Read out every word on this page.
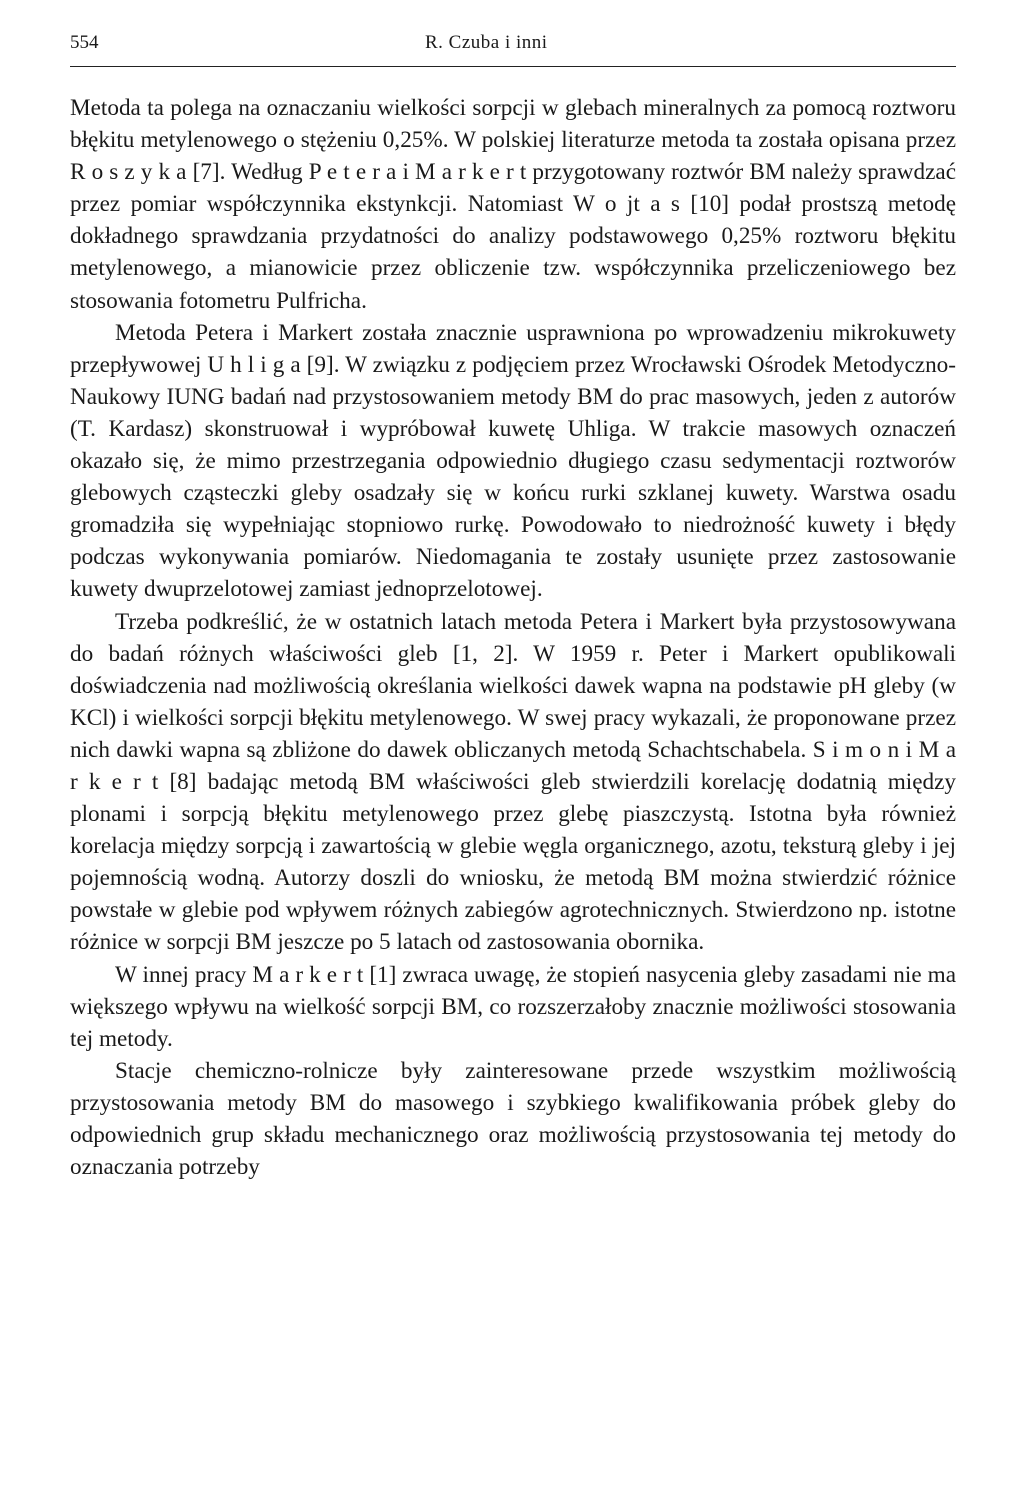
554	R. Czuba i inni

Metoda ta polega na oznaczaniu wielkości sorpcji w glebach mineralnych za pomocą roztworu błękitu metylenowego o stężeniu 0,25%. W polskiej literaturze metoda ta została opisana przez R o s z y k a [7]. Według P e t e r a i M a r k e r t przygotowany roztwór BM należy sprawdzać przez pomiar współczynnika ekstynkcji. Natomiast W o jt a s [10] podał prostszą metodę dokładnego sprawdzania przydatności do analizy podstawowego 0,25% roztworu błękitu metylenowego, a mianowicie przez obliczenie tzw. współczynnika przeliczeniowego bez stosowania fotometru Pulfricha.

Metoda Petera i Markert została znacznie usprawniona po wprowadzeniu mikrokuwety przepływowej U h l i g a [9]. W związku z podjęciem przez Wrocławski Ośrodek Metodyczno-Naukowy IUNG badań nad przystosowaniem metody BM do prac masowych, jeden z autorów (T. Kardasz) skonstruował i wypróbował kuwetę Uhliga. W trakcie masowych oznaczeń okazało się, że mimo przestrzegania odpowiednio długiego czasu sedymentacji roztworów glebowych cząsteczki gleby osadzały się w końcu rurki szklanej kuwety. Warstwa osadu gromadziła się wypełniając stopniowo rurkę. Powodowało to niedrożność kuwety i błędy podczas wykonywania pomiarów. Niedomagania te zostały usunięte przez zastosowanie kuwety dwuprzelotowej zamiast jednoprzelotowej.

Trzeba podkreślić, że w ostatnich latach metoda Petera i Markert była przystosowywana do badań różnych właściwości gleb [1, 2]. W 1959 r. Peter i Markert opublikowali doświadczenia nad możliwością określania wielkości dawek wapna na podstawie pH gleby (w KCl) i wielkości sorpcji błękitu metylenowego. W swej pracy wykazali, że proponowane przez nich dawki wapna są zbliżone do dawek obliczanych metodą Schachtschabela. S i m o n i M a r k e r t [8] badając metodą BM właściwości gleb stwierdzili korelację dodatnią między plonami i sorpcją błękitu metylenowego przez glebę piaszczystą. Istotna była również korelacja między sorpcją i zawartością w glebie węgla organicznego, azotu, teksturą gleby i jej pojemnością wodną. Autorzy doszli do wniosku, że metodą BM można stwierdzić różnice powstałe w glebie pod wpływem różnych zabiegów agrotechnicznych. Stwierdzono np. istotne różnice w sorpcji BM jeszcze po 5 latach od zastosowania obornika.

W innej pracy M a r k e r t [1] zwraca uwagę, że stopień nasycenia gleby zasadami nie ma większego wpływu na wielkość sorpcji BM, co rozszerzałoby znacznie możliwości stosowania tej metody.

Stacje chemiczno-rolnicze były zainteresowane przede wszystkim możliwością przystosowania metody BM do masowego i szybkiego kwalifikowania próbek gleby do odpowiednich grup składu mechanicznego oraz możliwością przystosowania tej metody do oznaczania potrzeby
